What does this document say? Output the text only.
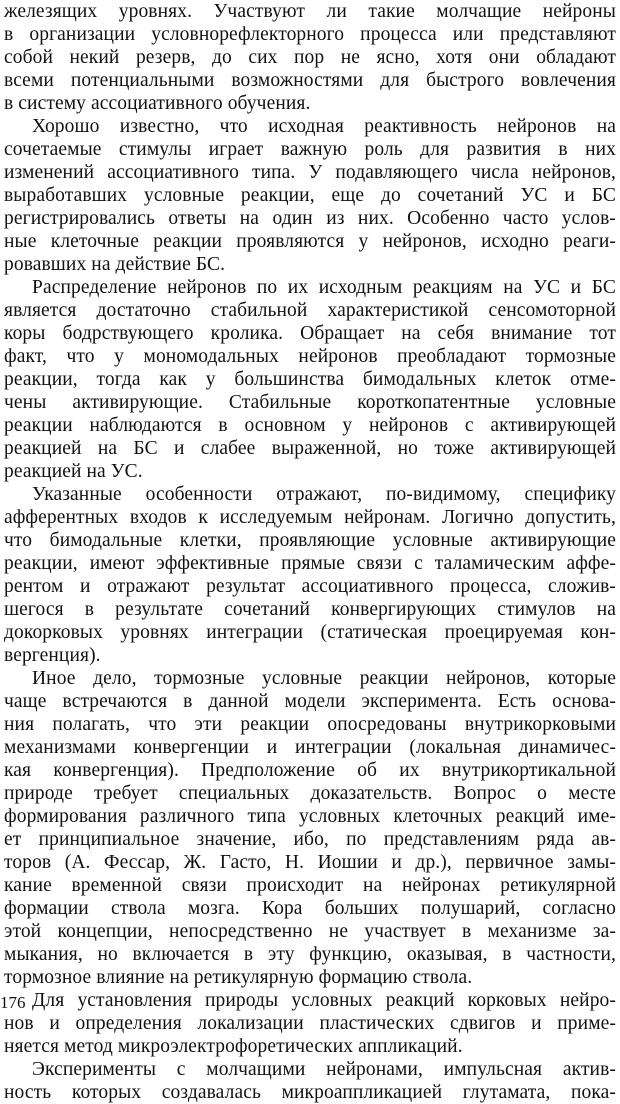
железящих уровнях. Участвуют ли такие молчащие нейроны
в организации условнорефлекторного процесса или представляют
собой некий резерв, до сих пор не ясно, хотя они обладают
всеми потенциальными возможностями для быстрого вовлечения
в систему ассоциативного обучения.
Хорошо известно, что исходная реактивность нейронов на
сочетаемые стимулы играет важную роль для развития в них
изменений ассоциативного типа. У подавляющего числа нейронов,
выработавших условные реакции, еще до сочетаний УС и БС
регистрировались ответы на один из них. Особенно часто услов-
ные клеточные реакции проявляются у нейронов, исходно реаги-
ровавших на действие БС.
Распределение нейронов по их исходным реакциям на УС и БС
является достаточно стабильной характеристикой сенсомоторной
коры бодрствующего кролика. Обращает на себя внимание тот
факт, что у мономодальных нейронов преобладают тормозные
реакции, тогда как у большинства бимодальных клеток отме-
чены активирующие. Стабильные короткопатентные условные
реакции наблюдаются в основном у нейронов с активирующей
реакцией на БС и слабее выраженной, но тоже активирующей
реакцией на УС.
Указанные особенности отражают, по-видимому, специфику
афферентных входов к исследуемым нейронам. Логично допустить,
что бимодальные клетки, проявляющие условные активирующие
реакции, имеют эффективные прямые связи с таламическим аффе-
рентом и отражают результат ассоциативного процесса, сложив-
шегося в результате сочетаний конвергирующих стимулов на
докорковых уровнях интеграции (статическая проецируемая кон-
вергенция).
Иное дело, тормозные условные реакции нейронов, которые
чаще встречаются в данной модели эксперимента. Есть основа-
ния полагать, что эти реакции опосредованы внутрикорковыми
механизмами конвергенции и интеграции (локальная динамичес-
кая конвергенция). Предположение об их внутрикортикальной
природе требует специальных доказательств. Вопрос о месте
формирования различного типа условных клеточных реакций име-
ет принципиальное значение, ибо, по представлениям ряда ав-
торов (А. Фессар, Ж. Гасто, Н. Иошии и др.), первичное замы-
кание временной связи происходит на нейронах ретикулярной
формации ствола мозга. Кора больших полушарий, согласно
этой концепции, непосредственно не участвует в механизме за-
мыкания, но включается в эту функцию, оказывая, в частности,
тормозное влияние на ретикулярную формацию ствола.
Для установления природы условных реакций корковых нейро-
нов и определения локализации пластических сдвигов и приме-
няется метод микроэлектрофоретических аппликаций.
Эксперименты с молчащими нейронами, импульсная актив-
ность которых создавалась микроаппликацией глутамата, пока-
176
